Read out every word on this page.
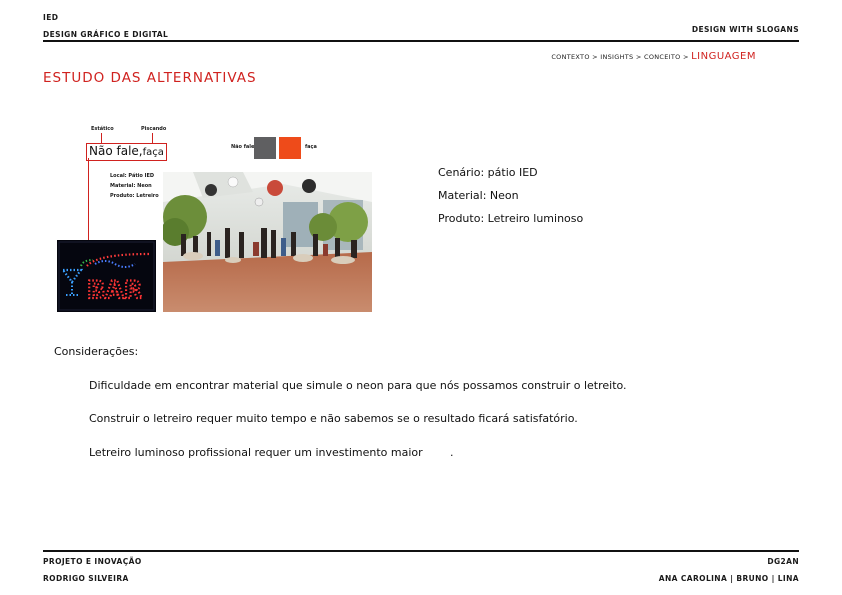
IED
DESIGN GRÁFICO E DIGITAL
DESIGN WITH SLOGANS
CONTEXTO > INSIGHTS > CONCEITO > LINGUAGEM
ESTUDO DAS ALTERNATIVAS
Estático	Piscando
Não fale,faça
Local: Pátio IED
Material: Neon
Produto: Letreiro
Não fale	faça
BAR
Cenário: pátio IED
Material: Neon
Produto: Letreiro luminoso
Considerações:
Dificuldade em encontrar material que simule o neon para que nós possamos construir o letreito.
Construir o letreiro requer muito tempo e não sabemos se o resultado ficará satisfatório.
Letreiro luminoso profissional requer um investimento maior .
PROJETO E INOVAÇÃO
RODRIGO SILVEIRA
DG2AN
ANA CAROLINA | BRUNO | LINA
